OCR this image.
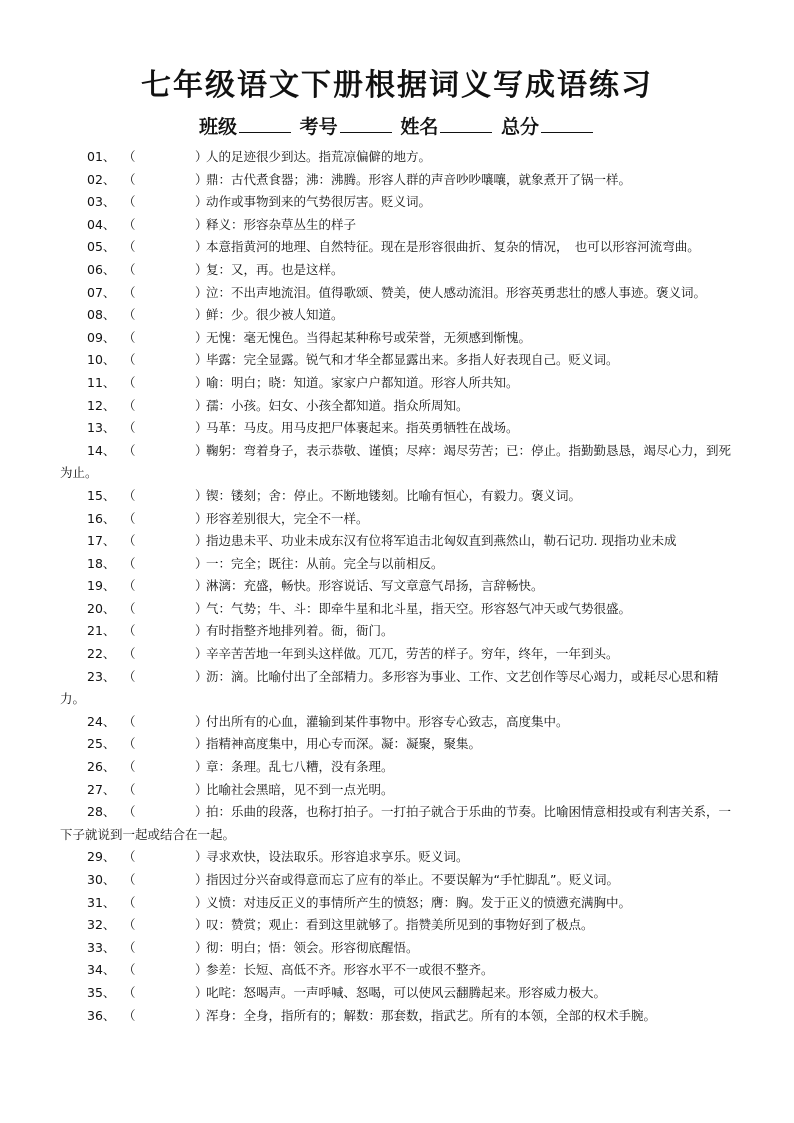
七年级语文下册根据词义写成语练习
班级	考号	姓名	总分
01、 （	）人的足迹很少到达。指荒凉偏僻的地方。
02、 （	）鼎：古代煮食器；沸：沸腾。形容人群的声音吵吵嚷嚷，就象煮开了锅一样。
03、 （	）动作或事物到来的气势很厉害。贬义词。
04、 （	）释义：形容杂草丛生的样子
05、 （	）本意指黄河的地理、自然特征。现在是形容很曲折、复杂的情况，　也可以形容河流弯曲。
06、 （	）复：又，再。也是这样。
07、 （	）泣：不出声地流泪。值得歌颂、赞美，使人感动流泪。形容英勇悲壮的感人事迹。褒义词。
08、 （	）鲜：少。很少被人知道。
09、 （	）无愧：毫无愧色。当得起某种称号或荣誉，无须感到惭愧。
10、 （	）毕露：完全显露。锐气和才华全都显露出来。多指人好表现自己。贬义词。
11、 （	）喻：明白；晓：知道。家家户户都知道。形容人所共知。
12、 （	）孺：小孩。妇女、小孩全都知道。指众所周知。
13、 （	）马革：马皮。用马皮把尸体裹起来。指英勇牺牲在战场。
14、 （	）鞠躬：弯着身子，表示恭敬、谨慎；尽瘁：竭尽劳苦；已：停止。指勤勤恳恳，竭尽心力，到死为止。
15、 （	）锲：镂刻；舍：停止。不断地镂刻。比喻有恒心，有毅力。褒义词。
16、 （	）形容差别很大，完全不一样。
17、 （	）指边患未平、功业未成东汉有位将军追击北匈奴直到燕然山，勒石记功. 现指功业未成
18、 （	）一：完全；既往：从前。完全与以前相反。
19、 （	）淋漓：充盛，畅快。形容说话、写文章意气昂扬，言辞畅快。
20、 （	）气：气势；牛、斗：即牵牛星和北斗星，指天空。形容怒气冲天或气势很盛。
21、 （	）有时指整齐地排列着。衙，衙门。
22、 （	）辛辛苦苦地一年到头这样做。兀兀，劳苦的样子。穷年，终年，一年到头。
23、 （	）沥：滴。比喻付出了全部精力。多形容为事业、工作、文艺创作等尽心竭力，或耗尽心思和精力。
24、 （	）付出所有的心血，灌输到某件事物中。形容专心致志，高度集中。
25、 （	）指精神高度集中，用心专而深。凝：凝聚，聚集。
26、 （	）章：条理。乱七八糟，没有条理。
27、 （	）比喻社会黑暗，见不到一点光明。
28、 （	）拍：乐曲的段落，也称打拍子。一打拍子就合于乐曲的节奏。比喻困情意相投或有利害关系，一下子就说到一起或结合在一起。
29、 （	）寻求欢快，设法取乐。形容追求享乐。贬义词。
30、 （	）指因过分兴奋或得意而忘了应有的举止。不要误解为“手忙脚乱”。贬义词。
31、 （	）义愤：对违反正义的事情所产生的愤怒；膺：胸。发于正义的愤懑充满胸中。
32、 （	）叹：赞赏；观止：看到这里就够了。指赞美所见到的事物好到了极点。
33、 （	）彻：明白；悟：领会。形容彻底醒悟。
34、 （	）参差：长短、高低不齐。形容水平不一或很不整齐。
35、 （	）叱咤：怒喝声。一声呼喊、怒喝，可以使风云翻腾起来。形容威力极大。
36、 （	）浑身：全身，指所有的；解数：那套数，指武艺。所有的本领，全部的权术手腕。
